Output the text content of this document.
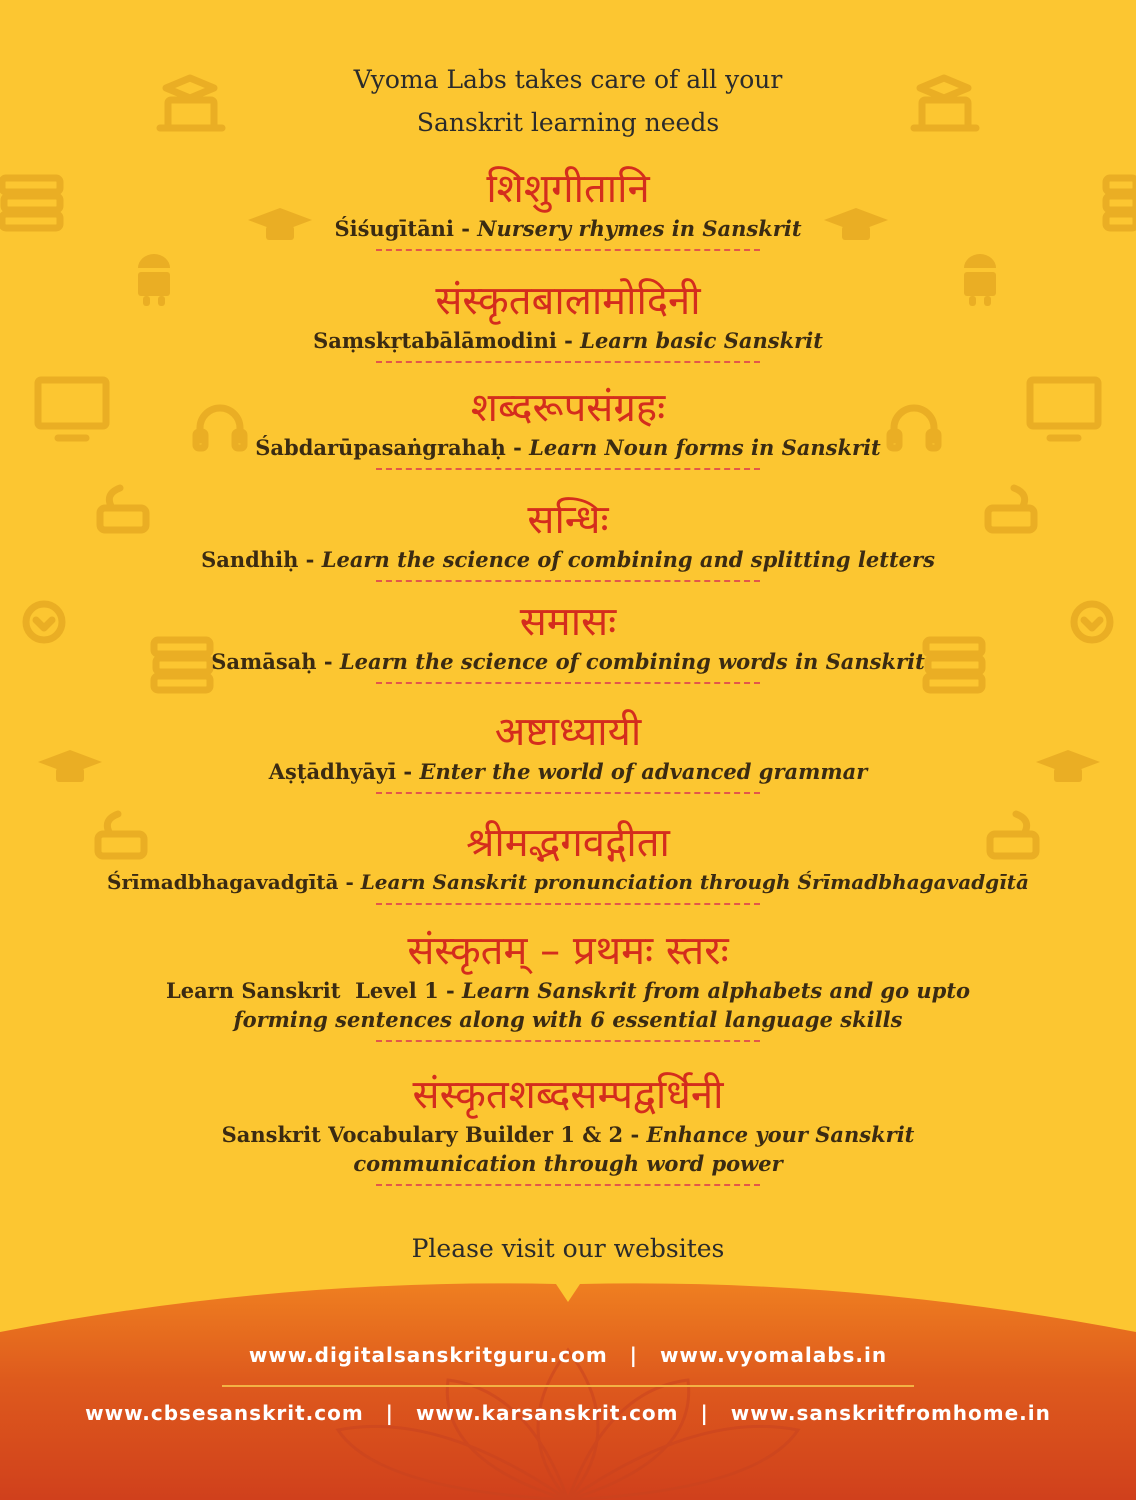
Vyoma Labs takes care of all your
Sanskrit learning needs
शिशुगीतानि
Śiśugītāni - Nursery rhymes in Sanskrit
संस्कृतबालामोदिनी
Saṃskṛtabālāmodini - Learn basic Sanskrit
शब्दरूपसंग्रहः
Śabdarūpasaṅgrahaḥ - Learn Noun forms in Sanskrit
सन्धिः
Sandhiḥ - Learn the science of combining and splitting letters
समासः
Samāsaḥ - Learn the science of combining words in Sanskrit
अष्टाध्यायी
Aṣṭādhyāyī - Enter the world of advanced grammar
श्रीमद्भगवद्गीता
Śrīmadbhagavadgītā - Learn Sanskrit pronunciation through Śrīmadbhagavadgītā
संस्कृतम् – प्रथमः स्तरः
Learn Sanskrit  Level 1 - Learn Sanskrit from alphabets and go upto
forming sentences along with 6 essential language skills
संस्कृतशब्दसम्पद्वर्धिनी
Sanskrit Vocabulary Builder 1 & 2 - Enhance your Sanskrit
communication through word power
Please visit our websites
www.digitalsanskritguru.com | www.vyomalabs.in
www.cbsesanskrit.com | www.karsanskrit.com | www.sanskritfromhome.in
